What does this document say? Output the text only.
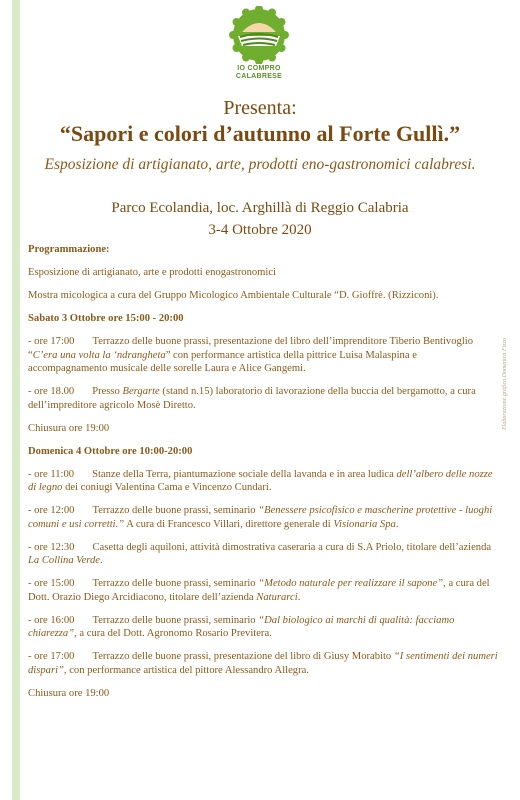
IO COMPRO
CALABRESE
Presenta:
“Sapori e colori d’autunno al Forte Gullì.”
Esposizione di artigianato, arte, prodotti eno-gastronomici calabresi.
Parco Ecolandia, loc. Arghillà di Reggio Calabria
3-4 Ottobre 2020

Programmazione:

Esposizione di artigianato, arte e prodotti enogastronomici

Mostra micologica a cura del Gruppo Micologico Ambientale Culturale “D. Gioffrè. (Rizziconi).

Sabato 3 Ottobre ore 15:00 - 20:00

- ore 17:00 Terrazzo delle buone prassi, presentazione del libro dell’imprenditore Tiberio Bentivoglio “C’era una volta la ‘ndrangheta” con performance artistica della pittrice Luisa Malaspina e accompagnamento musicale delle sorelle Laura e Alice Gangemi.

- ore 18.00 Presso Bergarte (stand n.15) laboratorio di lavorazione della buccia del bergamotto, a cura dell’impreditore agricolo Mosè Diretto.

Chiusura ore 19:00

Domenica 4 Ottobre ore 10:00-20:00

- ore 11:00 Stanze della Terra, piantumazione sociale della lavanda e in area ludica dell’albero delle nozze di legno dei coniugi Valentina Cama e Vincenzo Cundari.

- ore 12:00 Terrazzo delle buone prassi, seminario “Benessere psicofisico e mascherine protettive - luoghi comuni e usi corretti.” A cura di Francesco Villari, direttore generale di Visionaria Spa.

- ore 12:30 Casetta degli aquiloni, attività dimostrativa caseraria a cura di S.A Priolo, titolare dell’azienda La Collina Verde.

- ore 15:00 Terrazzo delle buone prassi, seminario “Metodo naturale per realizzare il sapone”, a cura del Dott. Orazio Diego Arcidiacono, titolare dell’azienda Naturarci.

- ore 16:00 Terrazzo delle buone prassi, seminario “Dal biologico ai marchi di qualità: facciamo chiarezza”, a cura del Dott. Agronomo Rosario Previtera.

- ore 17:00 Terrazzo delle buone prassi, presentazione del libro di Giusy Morabito “I sentimenti dei numeri dispari”, con performance artistica del pittore Alessandro Allegra.

Chiusura ore 19:00

Elaborazione grafica Domenica Fizzo
